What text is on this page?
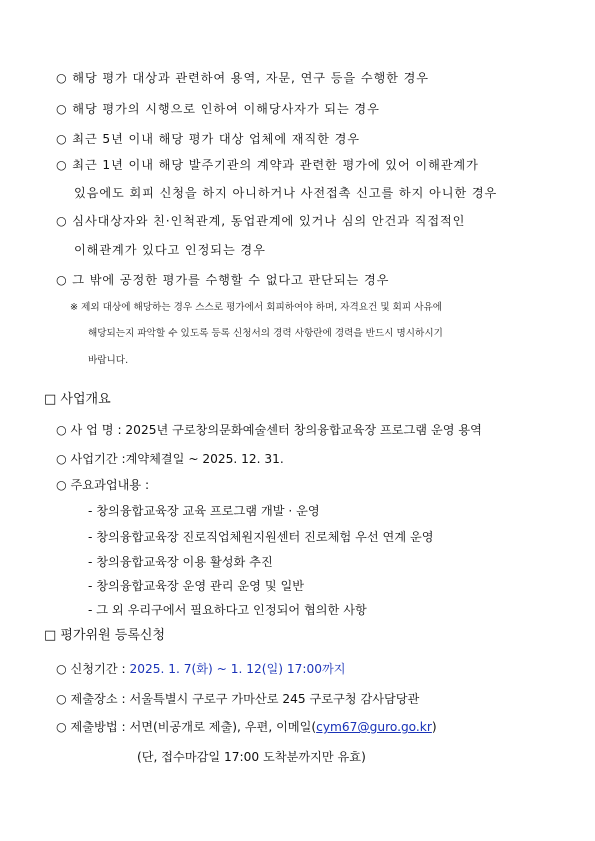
○ 해당 평가 대상과 관련하여 용역, 자문, 연구 등을 수행한 경우
○ 해당 평가의 시행으로 인하여 이해당사자가 되는 경우
○ 최근 5년 이내 해당 평가 대상 업체에 재직한 경우
○ 최근 1년 이내 해당 발주기관의 계약과 관련한 평가에 있어 이해관계가
있음에도 회피 신청을 하지 아니하거나 사전접촉 신고를 하지 아니한 경우
○ 심사대상자와 친·인척관계, 동업관계에 있거나 심의 안건과 직접적인
이해관계가 있다고 인정되는 경우
○ 그 밖에 공정한 평가를 수행할 수 없다고 판단되는 경우
※ 제외 대상에 해당하는 경우 스스로 평가에서 회피하여야 하며, 자격요건 및 회피 사유에
해당되는지 파악할 수 있도록 등록 신청서의 경력 사항란에 경력을 반드시 명시하시기
바랍니다.
□ 사업개요
○ 사 업 명 : 2025년 구로창의문화예술센터 창의융합교육장 프로그램 운영 용역
○ 사업기간 :계약체결일 ~ 2025. 12. 31.
○ 주요과업내용 :
- 창의융합교육장 교육 프로그램 개발 · 운영
- 창의융합교육장 진로직업체원지원센터 진로체험 우선 연계 운영
- 창의융합교육장 이용 활성화 추진
- 창의융합교육장 운영 관리 운영 및 일반
- 그 외 우리구에서 필요하다고 인정되어 협의한 사항
□ 평가위원 등록신청
○ 신청기간 : 2025. 1. 7(화) ~ 1. 12(일) 17:00까지
○ 제출장소 : 서울특별시 구로구 가마산로 245 구로구청 감사담당관
○ 제출방법 : 서면(비공개로 제출), 우편, 이메일(cym67@guro.go.kr)
(단, 접수마감일 17:00 도착분까지만 유효)
